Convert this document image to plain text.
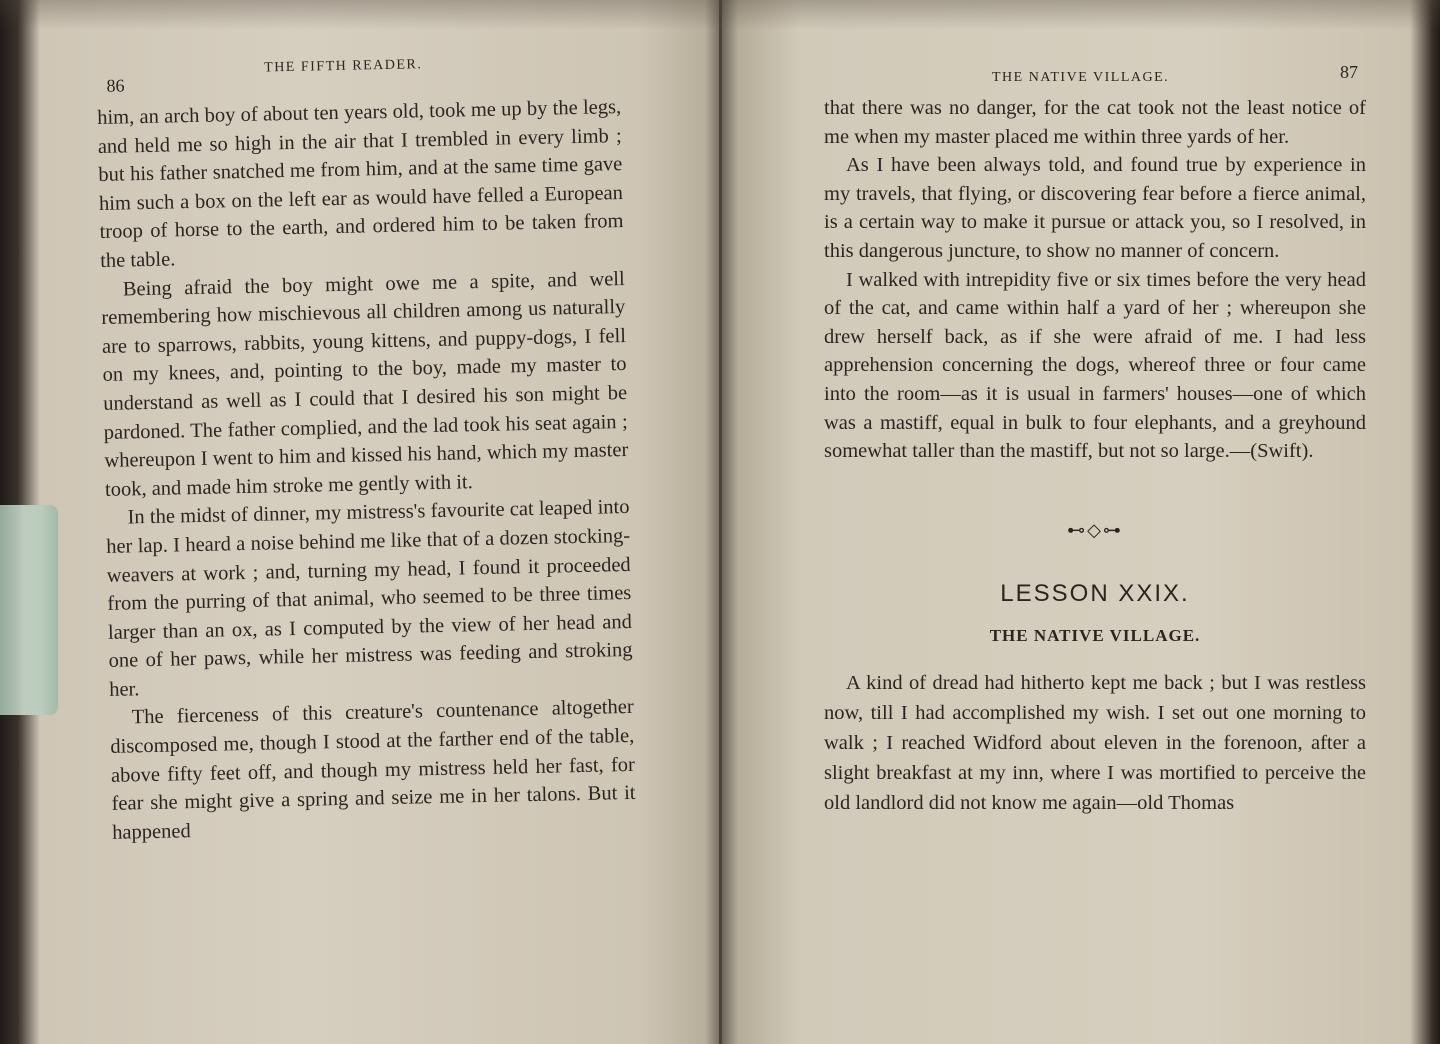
86
THE FIFTH READER.

him, an arch boy of about ten years old, took me up by the legs, and held me so high in the air that I trembled in every limb ; but his father snatched me from him, and at the same time gave him such a box on the left ear as would have felled a European troop of horse to the earth, and ordered him to be taken from the table.

Being afraid the boy might owe me a spite, and well remembering how mischievous all children among us naturally are to sparrows, rabbits, young kittens, and puppy-dogs, I fell on my knees, and, pointing to the boy, made my master to understand as well as I could that I desired his son might be pardoned. The father complied, and the lad took his seat again ; whereupon I went to him and kissed his hand, which my master took, and made him stroke me gently with it.

In the midst of dinner, my mistress's favourite cat leaped into her lap. I heard a noise behind me like that of a dozen stocking-weavers at work ; and, turning my head, I found it proceeded from the purring of that animal, who seemed to be three times larger than an ox, as I computed by the view of her head and one of her paws, while her mistress was feeding and stroking her.

The fierceness of this creature's countenance altogether discomposed me, though I stood at the farther end of the table, above fifty feet off, and though my mistress held her fast, for fear she might give a spring and seize me in her talons. But it happened

THE NATIVE VILLAGE.	87

that there was no danger, for the cat took not the least notice of me when my master placed me within three yards of her.

As I have been always told, and found true by experience in my travels, that flying, or discovering fear before a fierce animal, is a certain way to make it pursue or attack you, so I resolved, in this dangerous juncture, to show no manner of concern.

I walked with intrepidity five or six times before the very head of the cat, and came within half a yard of her ; whereupon she drew herself back, as if she were afraid of me. I had less apprehension concerning the dogs, whereof three or four came into the room—as it is usual in farmers' houses—one of which was a mastiff, equal in bulk to four elephants, and a greyhound somewhat taller than the mastiff, but not so large.—(Swift).

⊷◇⊶
LESSON XXIX.
THE NATIVE VILLAGE.

A kind of dread had hitherto kept me back ; but I was restless now, till I had accomplished my wish. I set out one morning to walk ; I reached Widford about eleven in the forenoon, after a slight breakfast at my inn, where I was mortified to perceive the old landlord did not know me again—old Thomas
